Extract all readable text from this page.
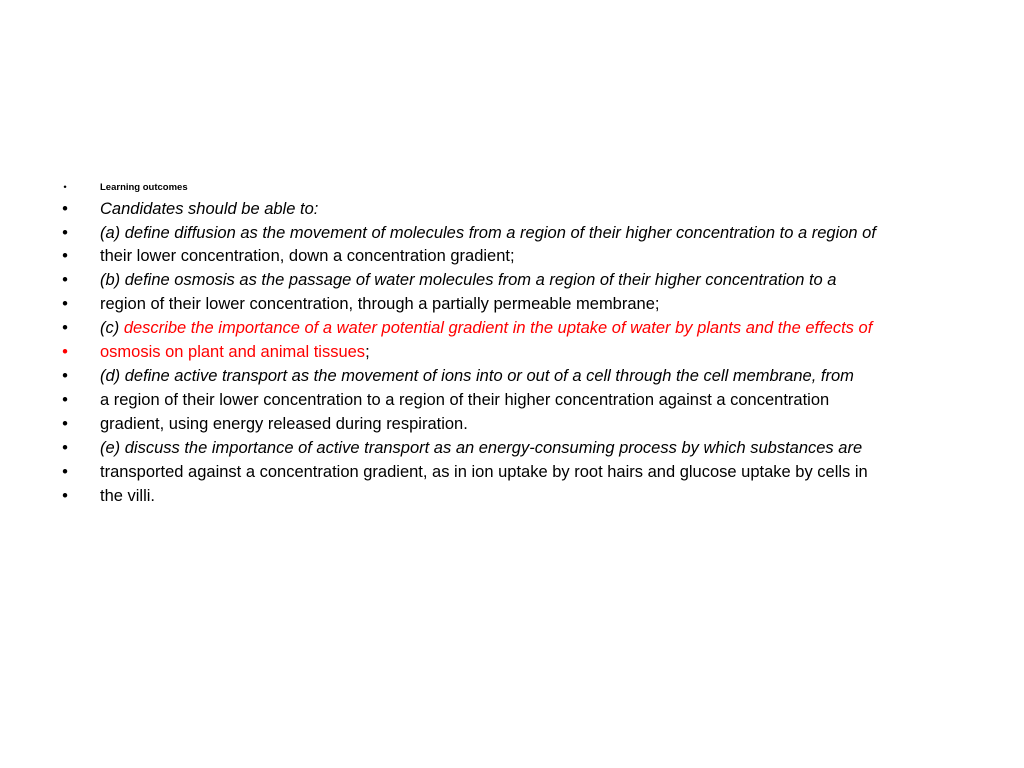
•	Learning outcomes
• Candidates should be able to:
• (a) define diffusion as the movement of molecules from a region of their higher concentration to a region of
• their lower concentration, down a concentration gradient;
• (b) define osmosis as the passage of water molecules from a region of their higher concentration to a
• region of their lower concentration, through a partially permeable membrane;
• (c) describe the importance of a water potential gradient in the uptake of water by plants and the effects of
• osmosis on plant and animal tissues;
• (d) define active transport as the movement of ions into or out of a cell through the cell membrane, from
• a region of their lower concentration to a region of their higher concentration against a concentration
• gradient, using energy released during respiration.
• (e) discuss the importance of active transport as an energy-consuming process by which substances are
• transported against a concentration gradient, as in ion uptake by root hairs and glucose uptake by cells in
• the villi.
